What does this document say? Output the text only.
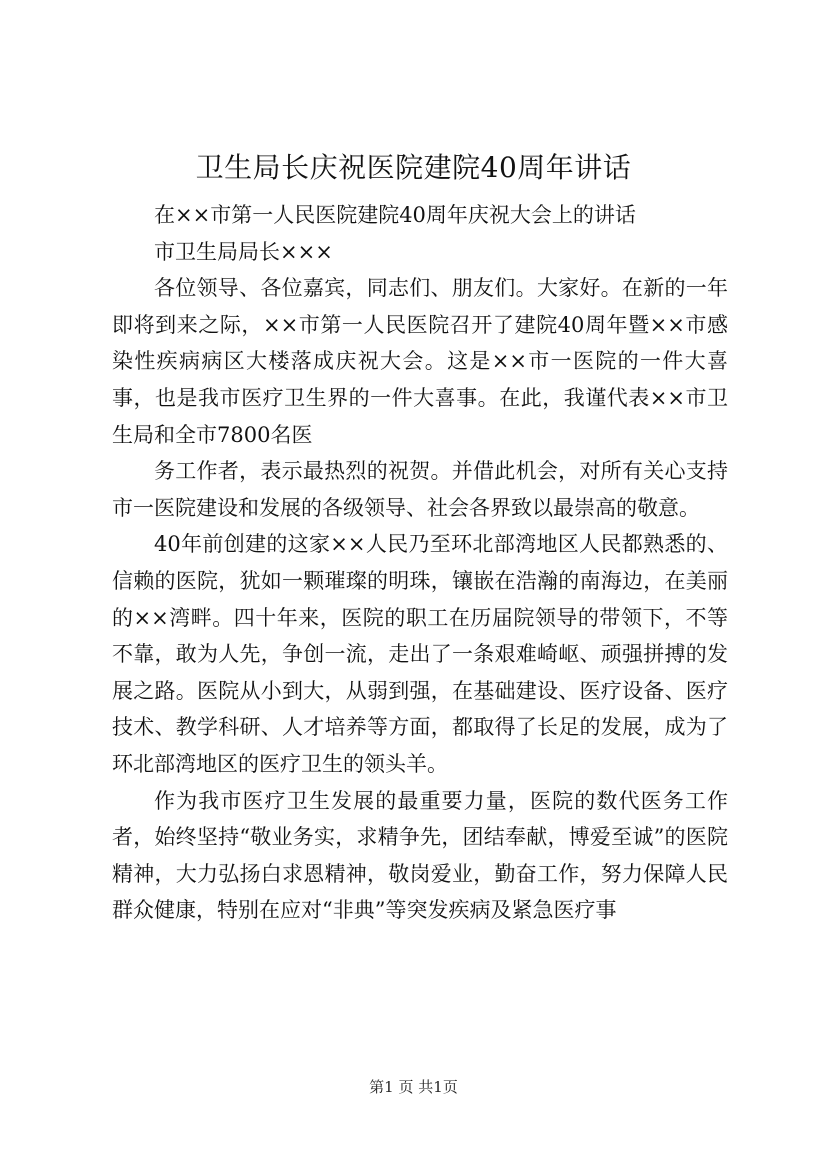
卫生局长庆祝医院建院40周年讲话

在××市第一人民医院建院40周年庆祝大会上的讲话

市卫生局局长×××

各位领导、各位嘉宾，同志们、朋友们。大家好。在新的一年即将到来之际，××市第一人民医院召开了建院40周年暨××市感染性疾病病区大楼落成庆祝大会。这是××市一医院的一件大喜事，也是我市医疗卫生界的一件大喜事。在此，我谨代表××市卫生局和全市7800名医

务工作者，表示最热烈的祝贺。并借此机会，对所有关心支持市一医院建设和发展的各级领导、社会各界致以最崇高的敬意。

40年前创建的这家××人民乃至环北部湾地区人民都熟悉的、信赖的医院，犹如一颗璀璨的明珠，镶嵌在浩瀚的南海边，在美丽的××湾畔。四十年来，医院的职工在历届院领导的带领下，不等不靠，敢为人先，争创一流，走出了一条艰难崎岖、顽强拼搏的发展之路。医院从小到大，从弱到强，在基础建设、医疗设备、医疗技术、教学科研、人才培养等方面，都取得了长足的发展，成为了环北部湾地区的医疗卫生的领头羊。

作为我市医疗卫生发展的最重要力量，医院的数代医务工作者，始终坚持“敬业务实，求精争先，团结奉献，博爱至诚”的医院精神，大力弘扬白求恩精神，敬岗爱业，勤奋工作，努力保障人民群众健康，特别在应对“非典”等突发疾病及紧急医疗事

第1 页 共1页
